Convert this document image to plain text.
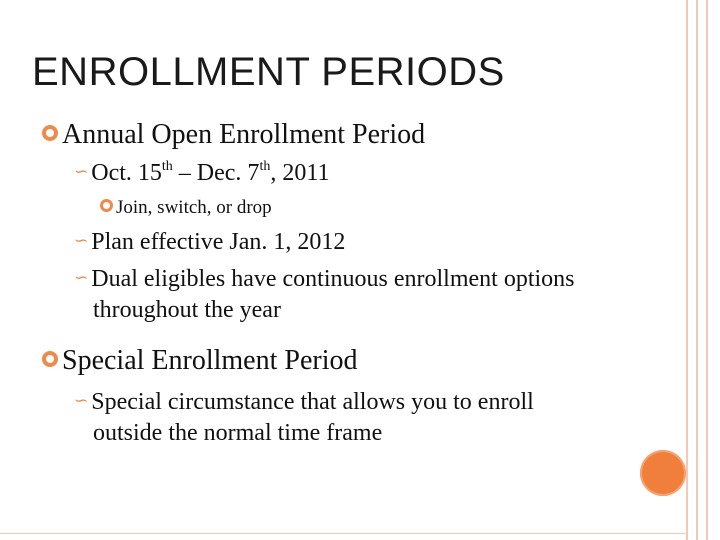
ENROLLMENT PERIODS
Annual Open Enrollment Period
∽ Oct. 15th – Dec. 7th, 2011
Join, switch, or drop
∽ Plan effective Jan. 1, 2012
∽ Dual eligibles have continuous enrollment options
throughout the year
Special Enrollment Period
∽ Special circumstance that allows you to enroll
outside the normal time frame
